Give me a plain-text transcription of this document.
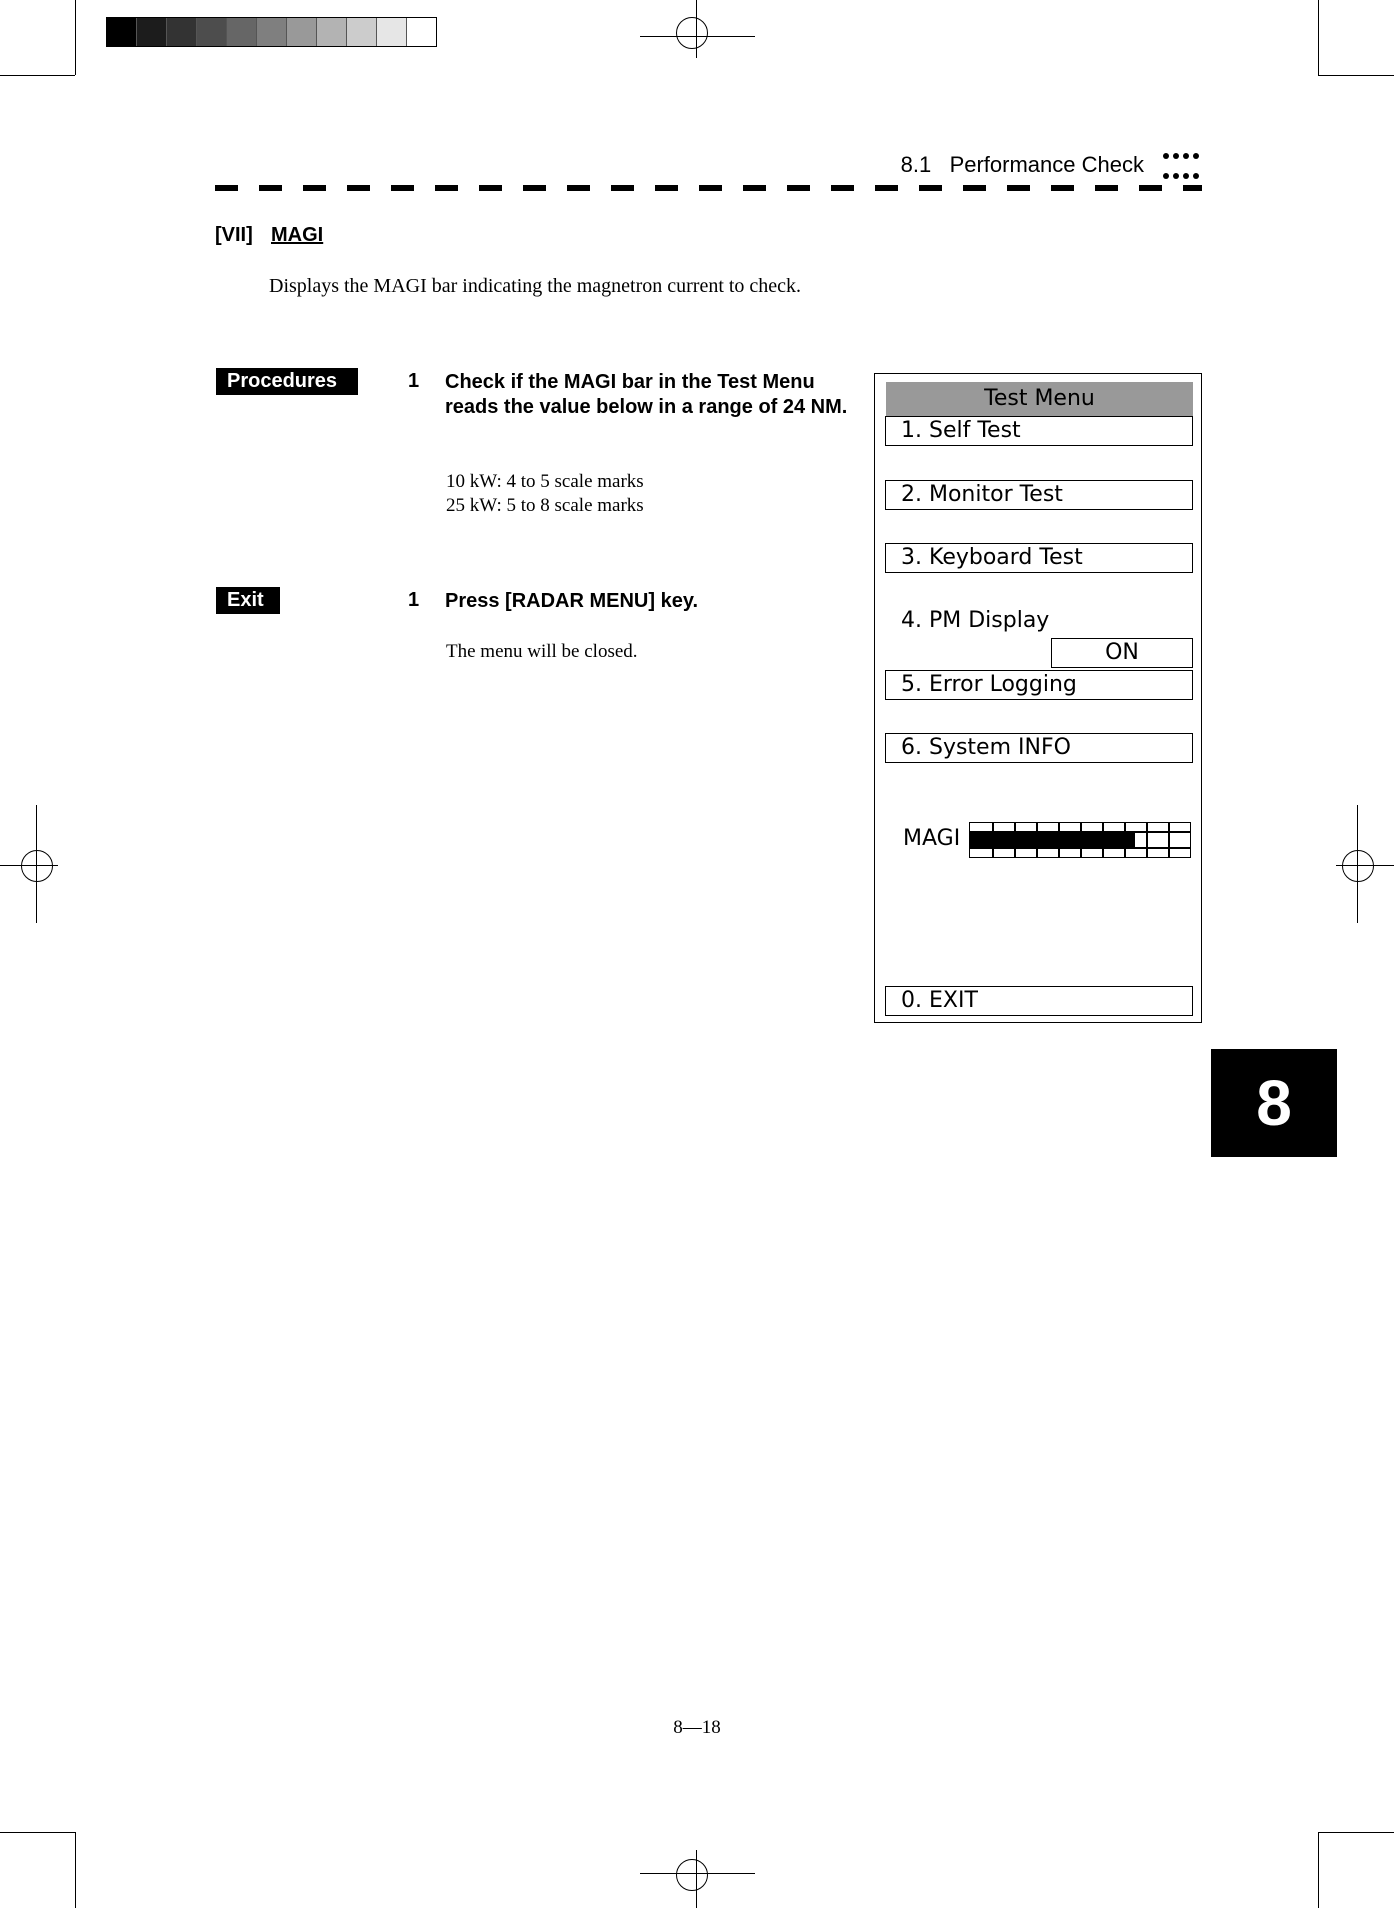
8.1   Performance Check
[VII] MAGI
Displays the MAGI bar indicating the magnetron current to check.
Procedures	1 Check if the MAGI bar in the Test Menu reads the value below in a range of 24 NM.
10 kW: 4 to 5 scale marks
25 kW: 5 to 8 scale marks
Exit	1 Press [RADAR MENU] key.
The menu will be closed.
Test Menu
1. Self Test
2. Monitor Test
3. Keyboard Test
4. PM Display
ON
5. Error Logging
6. System INFO
MAGI
0. EXIT
8
8—18
